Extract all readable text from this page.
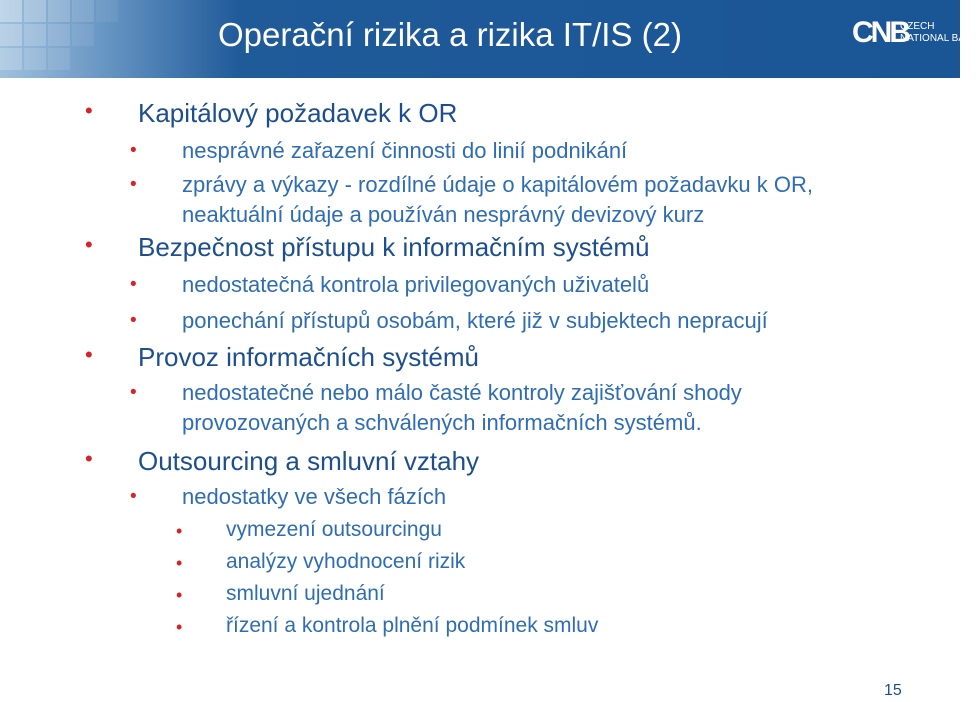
Operační rizika a rizika IT/IS (2)	CNB
CZECH
NATIONAL BANK
• Kapitálový požadavek k OR
• nesprávné zařazení činnosti do linií podnikání
• zprávy a výkazy - rozdílné údaje o kapitálovém požadavku k OR,
neaktuální údaje a používán nesprávný devizový kurz
• Bezpečnost přístupu k informačním systémů
• nedostatečná kontrola privilegovaných uživatelů
• ponechání přístupů osobám, které již v subjektech nepracují
• Provoz informačních systémů
• nedostatečné nebo málo časté kontroly zajišťování shody
provozovaných a schválených informačních systémů.
• Outsourcing a smluvní vztahy
• nedostatky ve všech fázích
• vymezení outsourcingu
• analýzy vyhodnocení rizik
• smluvní ujednání
• řízení a kontrola plnění podmínek smluv
15
